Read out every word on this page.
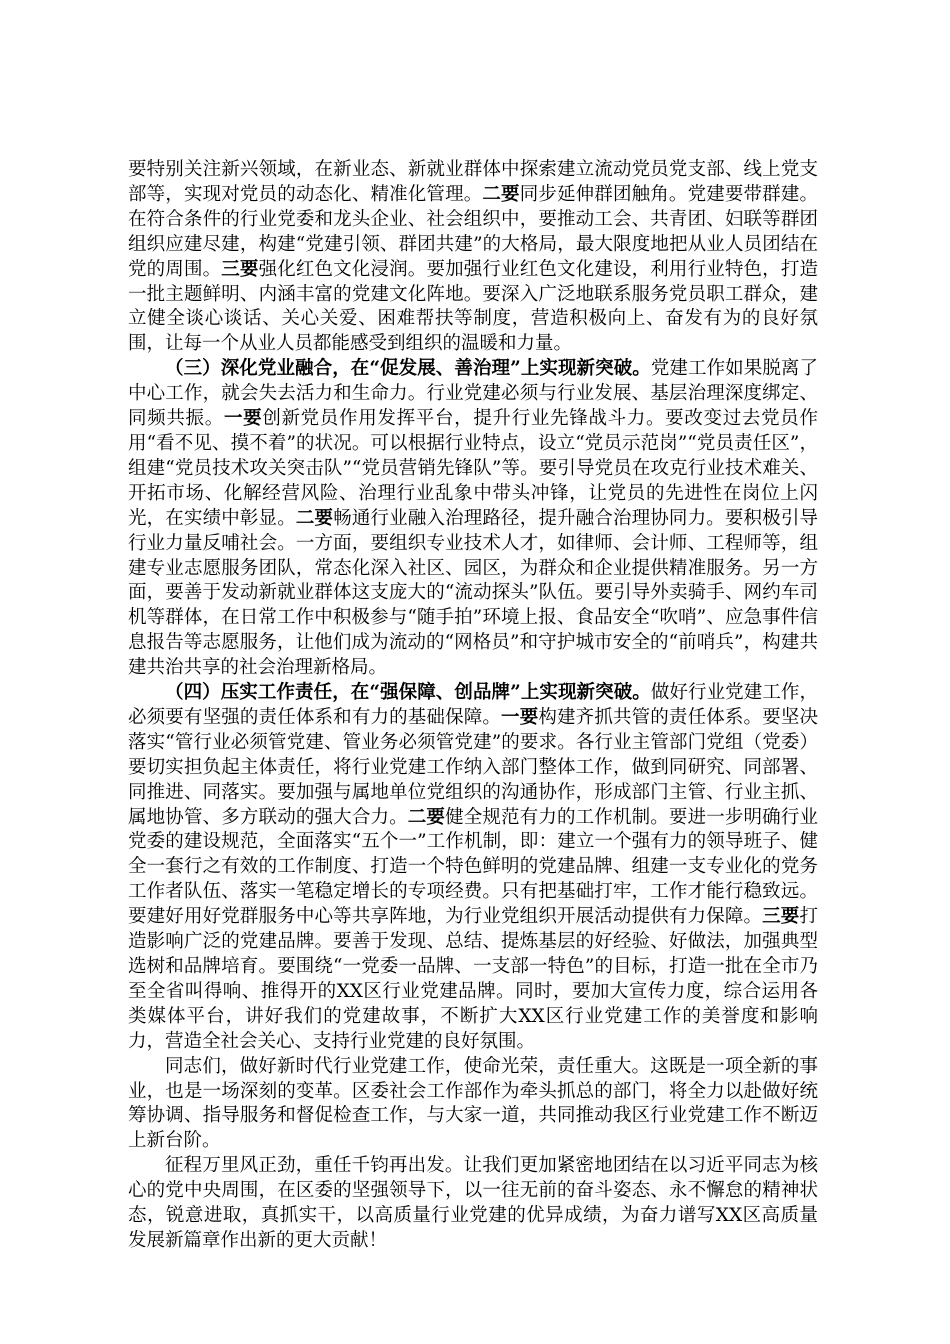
要特别关注新兴领域，在新业态、新就业群体中探索建立流动党员党支部、线上党支部等，实现对党员的动态化、精准化管理。二要同步延伸群团触角。党建要带群建。在符合条件的行业党委和龙头企业、社会组织中，要推动工会、共青团、妇联等群团组织应建尽建，构建“党建引领、群团共建”的大格局，最大限度地把从业人员团结在党的周围。三要强化红色文化浸润。要加强行业红色文化建设，利用行业特色，打造一批主题鲜明、内涵丰富的党建文化阵地。要深入广泛地联系服务党员职工群众，建立健全谈心谈话、关心关爱、困难帮扶等制度，营造积极向上、奋发有为的良好氛围，让每一个从业人员都能感受到组织的温暖和力量。

（三）深化党业融合，在“促发展、善治理”上实现新突破。党建工作如果脱离了中心工作，就会失去活力和生命力。行业党建必须与行业发展、基层治理深度绑定、同频共振。一要创新党员作用发挥平台，提升行业先锋战斗力。要改变过去党员作用“看不见、摸不着”的状况。可以根据行业特点，设立“党员示范岗”“党员责任区”，组建“党员技术攻关突击队”“党员营销先锋队”等。要引导党员在攻克行业技术难关、开拓市场、化解经营风险、治理行业乱象中带头冲锋，让党员的先进性在岗位上闪光，在实绩中彰显。二要畅通行业融入治理路径，提升融合治理协同力。要积极引导行业力量反哺社会。一方面，要组织专业技术人才，如律师、会计师、工程师等，组建专业志愿服务团队，常态化深入社区、园区，为群众和企业提供精准服务。另一方面，要善于发动新就业群体这支庞大的“流动探头”队伍。要引导外卖骑手、网约车司机等群体，在日常工作中积极参与“随手拍”环境上报、食品安全“吹哨”、应急事件信息报告等志愿服务，让他们成为流动的“网格员”和守护城市安全的“前哨兵”，构建共建共治共享的社会治理新格局。

（四）压实工作责任，在“强保障、创品牌”上实现新突破。做好行业党建工作，必须要有坚强的责任体系和有力的基础保障。一要构建齐抓共管的责任体系。要坚决落实“管行业必须管党建、管业务必须管党建”的要求。各行业主管部门党组（党委）要切实担负起主体责任，将行业党建工作纳入部门整体工作，做到同研究、同部署、同推进、同落实。要加强与属地单位党组织的沟通协作，形成部门主管、行业主抓、属地协管、多方联动的强大合力。二要健全规范有力的工作机制。要进一步明确行业党委的建设规范，全面落实“五个一”工作机制，即：建立一个强有力的领导班子、健全一套行之有效的工作制度、打造一个特色鲜明的党建品牌、组建一支专业化的党务工作者队伍、落实一笔稳定增长的专项经费。只有把基础打牢，工作才能行稳致远。要建好用好党群服务中心等共享阵地，为行业党组织开展活动提供有力保障。三要打造影响广泛的党建品牌。要善于发现、总结、提炼基层的好经验、好做法，加强典型选树和品牌培育。要围绕“一党委一品牌、一支部一特色”的目标，打造一批在全市乃至全省叫得响、推得开的XX区行业党建品牌。同时，要加大宣传力度，综合运用各类媒体平台，讲好我们的党建故事，不断扩大XX区行业党建工作的美誉度和影响力，营造全社会关心、支持行业党建的良好氛围。

同志们，做好新时代行业党建工作，使命光荣，责任重大。这既是一项全新的事业，也是一场深刻的变革。区委社会工作部作为牵头抓总的部门，将全力以赴做好统筹协调、指导服务和督促检查工作，与大家一道，共同推动我区行业党建工作不断迈上新台阶。

征程万里风正劲，重任千钧再出发。让我们更加紧密地团结在以习近平同志为核心的党中央周围，在区委的坚强领导下，以一往无前的奋斗姿态、永不懈怠的精神状态，锐意进取，真抓实干，以高质量行业党建的优异成绩，为奋力谱写XX区高质量发展新篇章作出新的更大贡献！
